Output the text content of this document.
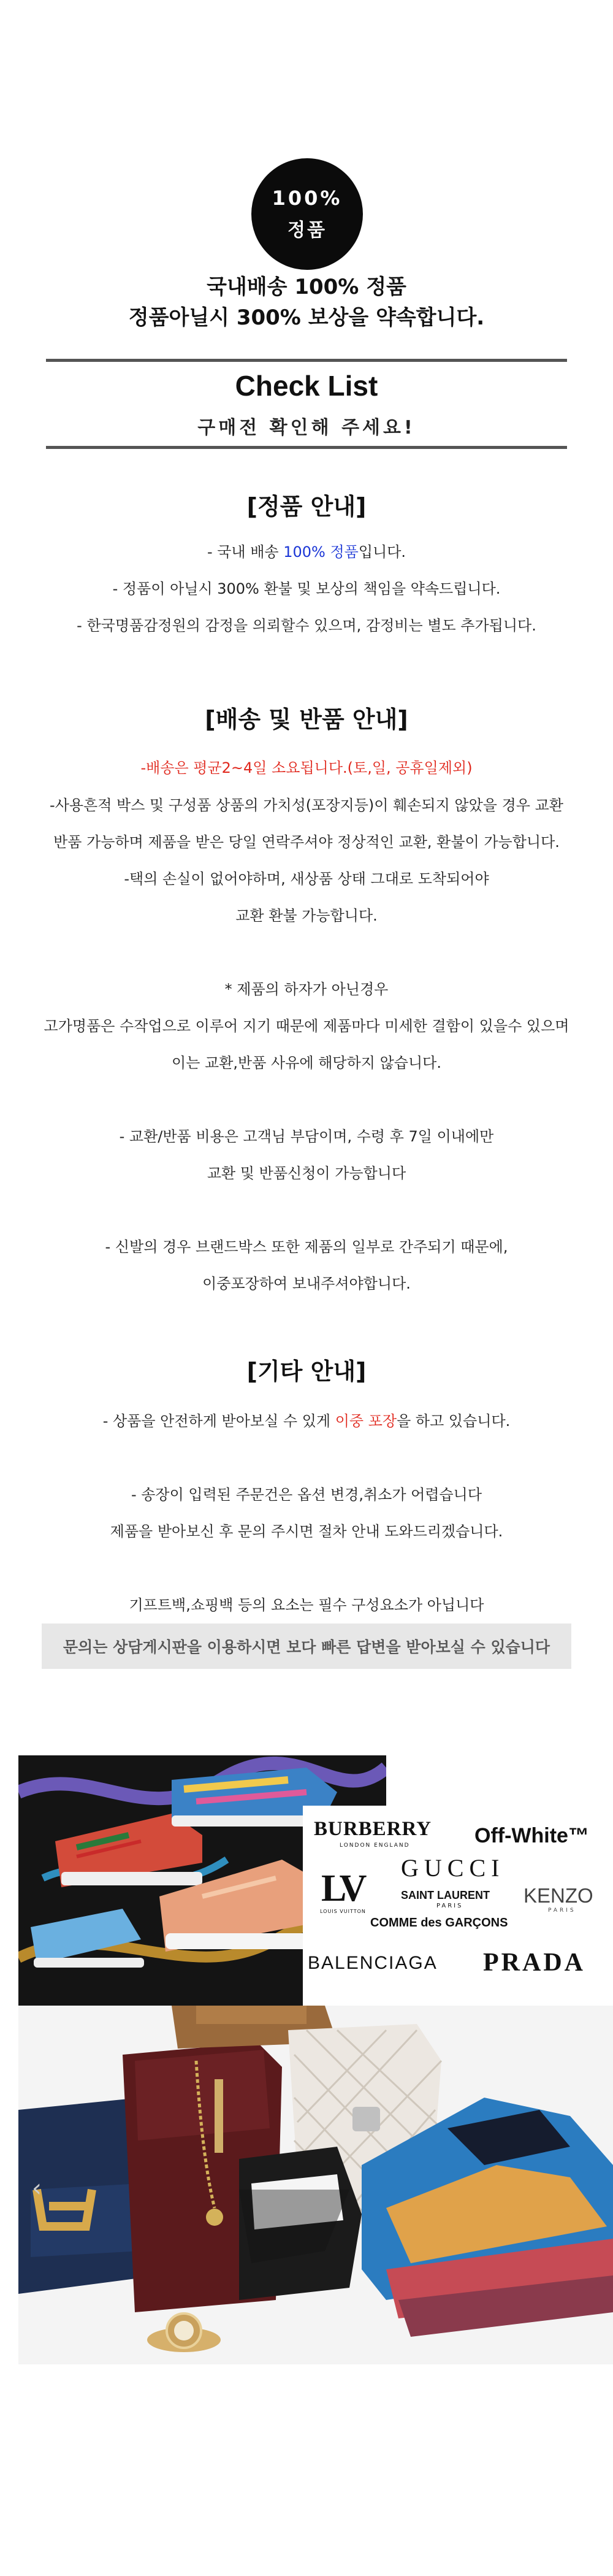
100%
정품
국내배송 100% 정품
정품아닐시 300% 보상을 약속합니다.
Check List
구매전 확인해 주세요!
[정품 안내]
- 국내 배송 100% 정품입니다.
- 정품이 아닐시 300% 환불 및 보상의 책임을 약속드립니다.
- 한국명품감정원의 감정을 의뢰할수 있으며, 감정비는 별도 추가됩니다.
[배송 및 반품 안내]
-배송은 평균2~4일 소요됩니다.(토,일, 공휴일제외)
-사용흔적 박스 및 구성품 상품의 가치성(포장지등)이 훼손되지 않았을 경우 교환
반품 가능하며 제품을 받은 당일 연락주셔야 정상적인 교환, 환불이 가능합니다.
-택의 손실이 없어야하며, 새상품 상태 그대로 도착되어야
교환 환불 가능합니다.
* 제품의 하자가 아닌경우
고가명품은 수작업으로 이루어 지기 때문에 제품마다 미세한 결함이 있을수 있으며
이는 교환,반품 사유에 해당하지 않습니다.
- 교환/반품 비용은 고객님 부담이며, 수령 후 7일 이내에만
교환 및 반품신청이 가능합니다
- 신발의 경우 브랜드박스 또한 제품의 일부로 간주되기 때문에,
이중포장하여 보내주셔야합니다.
[기타 안내]
- 상품을 안전하게 받아보실 수 있게 이중 포장을 하고 있습니다.
- 송장이 입력된 주문건은 옵션 변경,취소가 어렵습니다
제품을 받아보신 후 문의 주시면 절차 안내 도와드리겠습니다.
기프트백,쇼핑백 등의 요소는 필수 구성요소가 아닙니다
문의는 상담게시판을 이용하시면 보다 빠른 답변을 받아보실 수 있습니다
BURBERRY
LONDON ENGLAND	Off-White™
GUCCI
LV
LOUIS VUITTON
SAINT LAURENT
PARIS	KENZO
PARIS
COMME des GARÇONS
BALENCIAGA PRADA
‹
